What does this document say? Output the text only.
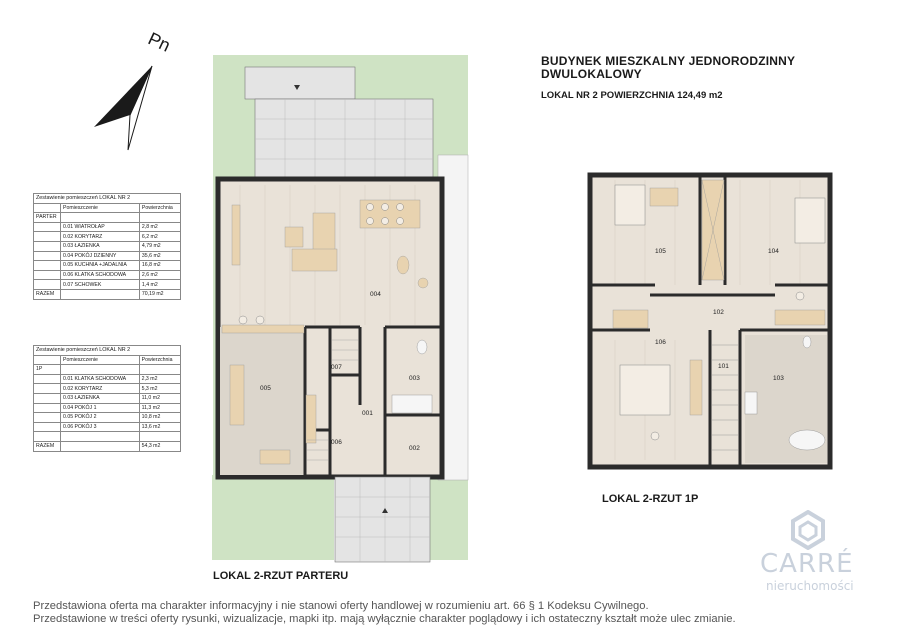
BUDYNEK MIESZKALNY JEDNORODZINNY
DWULOKALOWY
LOKAL NR 2 POWIERZCHNIA 124,49 m2
Pn
Zestawienie pomieszczeń LOKAL NR 2		
	Pomieszczenie	Powierzchnia
PARTER		
	0.01 WIATROŁAP	2,8 m2
	0.02 KORYTARZ	6,2 m2
	0.03 ŁAZIENKA	4,79 m2
	0.04 POKÓJ DZIENNY	35,6 m2
	0.05 KUCHNIA +JADALNIA	16,8 m2
	0.06 KLATKA SCHODOWA	2,6 m2
	0.07 SCHOWEK	1,4 m2
RAZEM		70,19 m2
Zestawienie pomieszczeń LOKAL NR 2		
	Pomieszczenie	Powierzchnia
1P		
	0.01 KLATKA SCHODOWA	2,3 m2
	0.02 KORYTARZ	5,3 m2
	0.03 ŁAZIENKA	11,0 m2
	0.04 POKÓJ 1	11,3 m2
	0.05 POKÓJ 2	10,8 m2
	0.06 POKÓJ 3	13,6 m2

RAZEM		54,3 m2
004
005
007
006
001
003
002
LOKAL 2-RZUT PARTERU
105	104
102
106
101
103
LOKAL 2-RZUT 1P
CARRÉ
nieruchomości
Przedstawiona oferta ma charakter informacyjny i nie stanowi oferty handlowej w rozumieniu art. 66 § 1 Kodeksu Cywilnego.
Przedstawione w treści oferty rysunki, wizualizacje, mapki itp. mają wyłącznie charakter poglądowy i ich ostateczny kształt może ulec zmianie.
